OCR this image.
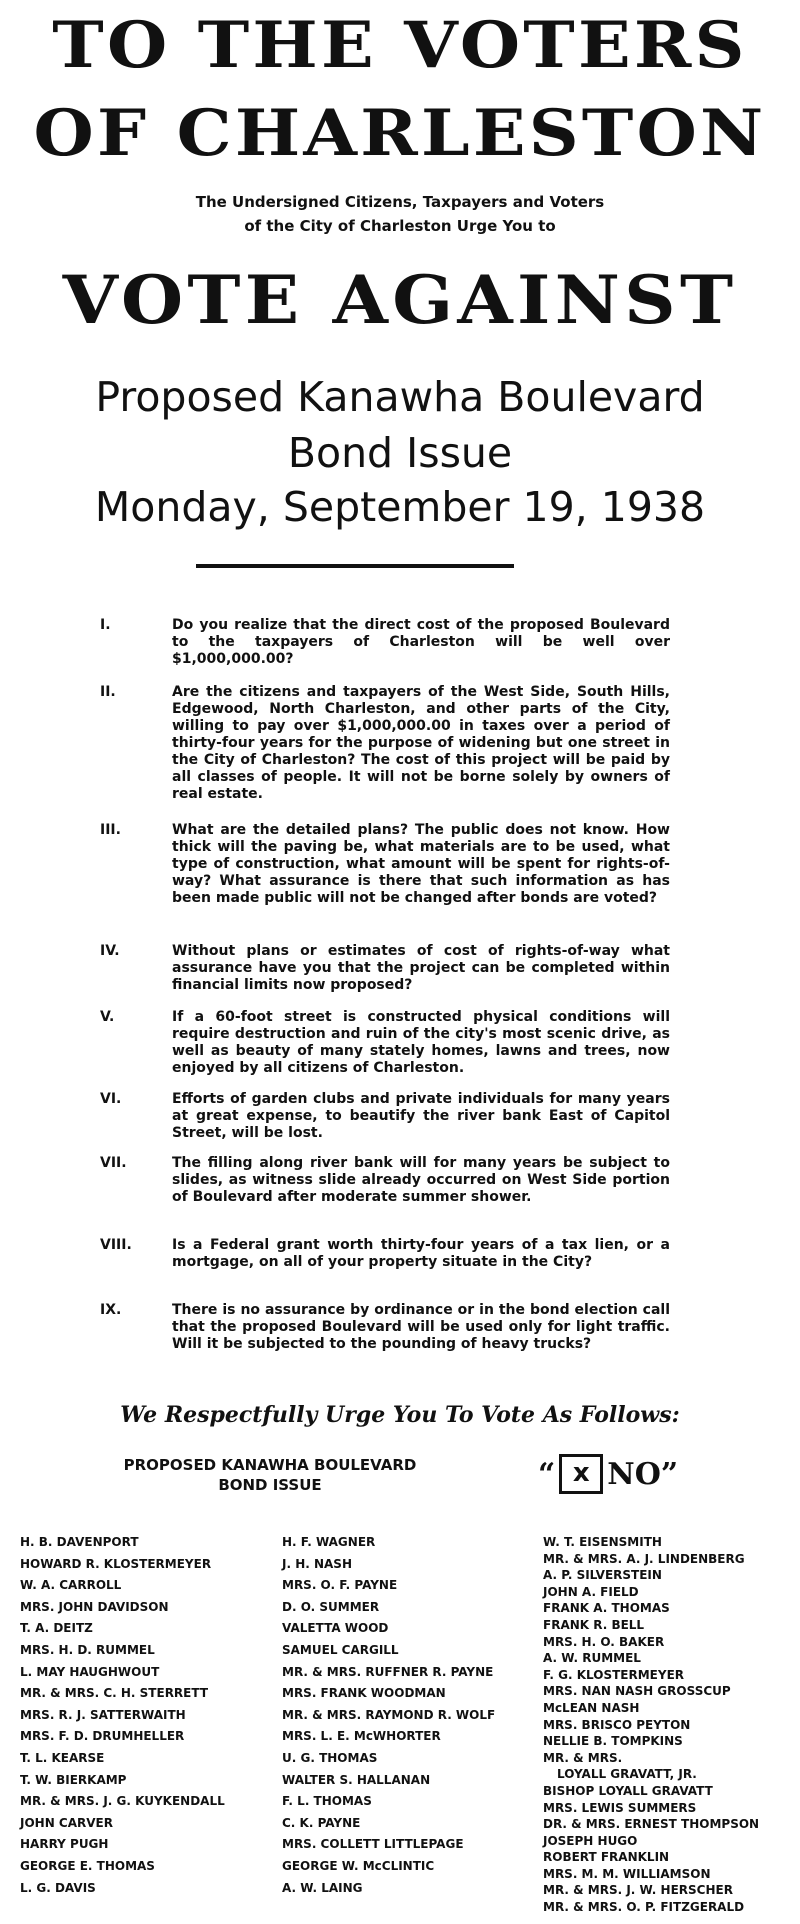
TO THE VOTERS
OF CHARLESTON
The Undersigned Citizens, Taxpayers and Voters
of the City of Charleston Urge You to
VOTE AGAINST
Proposed Kanawha Boulevard
Bond Issue
Monday, September 19, 1938
I.	Do you realize that the direct cost of the proposed Boulevard to the taxpayers of Charleston will be well over $1,000,000.00?
II.	Are the citizens and taxpayers of the West Side, South Hills, Edgewood, North Charleston, and other parts of the City, willing to pay over $1,000,000.00 in taxes over a period of thirty-four years for the purpose of widening but one street in the City of Charleston? The cost of this project will be paid by all classes of people. It will not be borne solely by owners of real estate.
III.	What are the detailed plans? The public does not know. How thick will the paving be, what materials are to be used, what type of construction, what amount will be spent for rights-of-way? What assurance is there that such information as has been made public will not be changed after bonds are voted?
IV.	Without plans or estimates of cost of rights-of-way what assurance have you that the project can be completed within financial limits now proposed?
V.	If a 60-foot street is constructed physical conditions will require destruction and ruin of the city's most scenic drive, as well as beauty of many stately homes, lawns and trees, now enjoyed by all citizens of Charleston.
VI.	Efforts of garden clubs and private individuals for many years at great expense, to beautify the river bank East of Capitol Street, will be lost.
VII.	The filling along river bank will for many years be subject to slides, as witness slide already occurred on West Side portion of Boulevard after moderate summer shower.
VIII.	Is a Federal grant worth thirty-four years of a tax lien, or a mortgage, on all of your property situate in the City?
IX.	There is no assurance by ordinance or in the bond election call that the proposed Boulevard will be used only for light traffic. Will it be subjected to the pounding of heavy trucks?
We Respectfully Urge You To Vote As Follows:
PROPOSED KANAWHA BOULEVARD
BOND ISSUE	“ x NO”
H. B. DAVENPORT
HOWARD R. KLOSTERMEYER
W. A. CARROLL
MRS. JOHN DAVIDSON
T. A. DEITZ
MRS. H. D. RUMMEL
L. MAY HAUGHWOUT
MR. & MRS. C. H. STERRETT
MRS. R. J. SATTERWAITH
MRS. F. D. DRUMHELLER
T. L. KEARSE
T. W. BIERKAMP
MR. & MRS. J. G. KUYKENDALL
JOHN CARVER
HARRY PUGH
GEORGE E. THOMAS
L. G. DAVIS
H. F. WAGNER
J. H. NASH
MRS. O. F. PAYNE
D. O. SUMMER
VALETTA WOOD
SAMUEL CARGILL
MR. & MRS. RUFFNER R. PAYNE
MRS. FRANK WOODMAN
MR. & MRS. RAYMOND R. WOLF
MRS. L. E. McWHORTER
U. G. THOMAS
WALTER S. HALLANAN
F. L. THOMAS
C. K. PAYNE
MRS. COLLETT LITTLEPAGE
GEORGE W. McCLINTIC
A. W. LAING
W. T. EISENSMITH
MR. & MRS. A. J. LINDENBERG
A. P. SILVERSTEIN
JOHN A. FIELD
FRANK A. THOMAS
FRANK R. BELL
MRS. H. O. BAKER
A. W. RUMMEL
F. G. KLOSTERMEYER
MRS. NAN NASH GROSSCUP
McLEAN NASH
MRS. BRISCO PEYTON
NELLIE B. TOMPKINS
MR. & MRS.
LOYALL GRAVATT, JR.
BISHOP LOYALL GRAVATT
MRS. LEWIS SUMMERS
DR. & MRS. ERNEST THOMPSON
JOSEPH HUGO
ROBERT FRANKLIN
MRS. M. M. WILLIAMSON
MR. & MRS. J. W. HERSCHER
MR. & MRS. O. P. FITZGERALD
